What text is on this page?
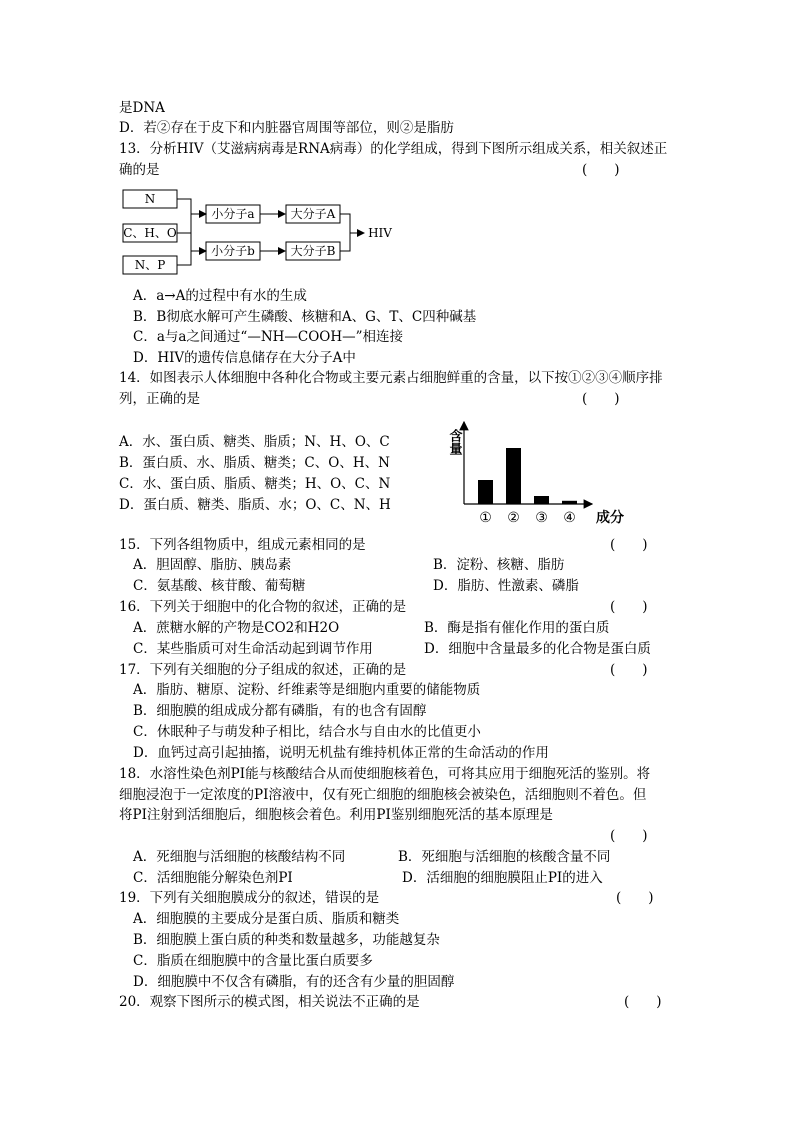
是DNA
D．若②存在于皮下和内脏器官周围等部位，则②是脂肪
13．分析HIV（艾滋病病毒是RNA病毒）的化学组成，得到下图所示组成关系，相关叙述正
确的是	(　　)
N
C、H、O
N、P
小分子a
小分子b
大分子A
大分子B
HIV
A．a→A的过程中有水的生成
B．B彻底水解可产生磷酸、核糖和A、G、T、C四种碱基
C．a与a之间通过“—NH—COOH—”相连接
D．HIV的遗传信息储存在大分子A中
14．如图表示人体细胞中各种化合物或主要元素占细胞鲜重的含量，以下按①②③④顺序排
列，正确的是	(　　)
A．水、蛋白质、糖类、脂质；N、H、O、C
B．蛋白质、水、脂质、糖类；C、O、H、N
C．水、蛋白质、脂质、糖类；H、O、C、N
D．蛋白质、糖类、脂质、水；O、C、N、H
含量
成分
① ② ③ ④
15．下列各组物质中，组成元素相同的是	(　　)
A．胆固醇、脂肪、胰岛素	B．淀粉、核糖、脂肪
C．氨基酸、核苷酸、葡萄糖	D．脂肪、性激素、磷脂
16．下列关于细胞中的化合物的叙述，正确的是	(　　)
A．蔗糖水解的产物是CO2和H2O	B．酶是指有催化作用的蛋白质
C．某些脂质可对生命活动起到调节作用	D．细胞中含量最多的化合物是蛋白质
17．下列有关细胞的分子组成的叙述，正确的是	(　　)
A．脂肪、糖原、淀粉、纤维素等是细胞内重要的储能物质
B．细胞膜的组成成分都有磷脂，有的也含有固醇
C．休眠种子与萌发种子相比，结合水与自由水的比值更小
D．血钙过高引起抽搐，说明无机盐有维持机体正常的生命活动的作用
18．水溶性染色剂PI能与核酸结合从而使细胞核着色，可将其应用于细胞死活的鉴别。将
细胞浸泡于一定浓度的PI溶液中，仅有死亡细胞的细胞核会被染色，活细胞则不着色。但
将PI注射到活细胞后，细胞核会着色。利用PI鉴别细胞死活的基本原理是
(　　)
A．死细胞与活细胞的核酸结构不同	B．死细胞与活细胞的核酸含量不同
C．活细胞能分解染色剂PI	D．活细胞的细胞膜阻止PI的进入
19．下列有关细胞膜成分的叙述，错误的是	(　　)
A．细胞膜的主要成分是蛋白质、脂质和糖类
B．细胞膜上蛋白质的种类和数量越多，功能越复杂
C．脂质在细胞膜中的含量比蛋白质要多
D．细胞膜中不仅含有磷脂，有的还含有少量的胆固醇
20．观察下图所示的模式图，相关说法不正确的是	(　　)
